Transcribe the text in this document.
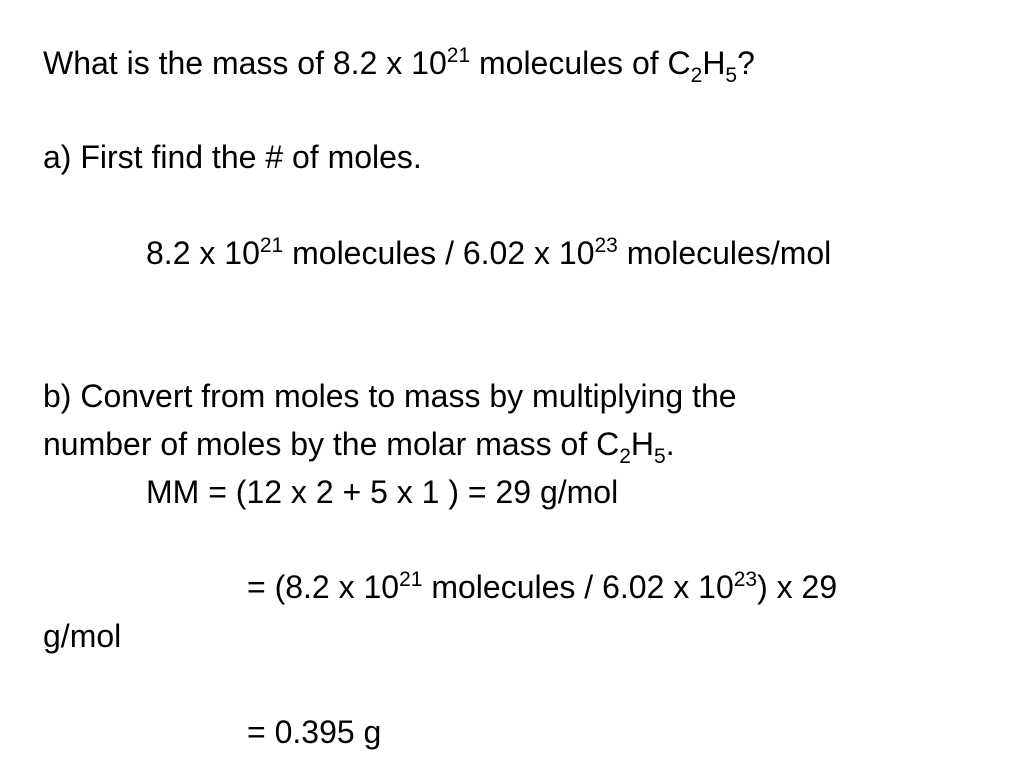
What is the mass of 8.2 x $10^{21}$ molecules of $C_2H_5$?
a) First find the # of moles.
8.2 x $10^{21}$ molecules / 6.02 x $10^{23}$ molecules/mol
b) Convert from moles to mass by multiplying the
number of moles by the molar mass of $C_2H_5$.
MM = (12 x 2 + 5 x 1 ) = 29 g/mol
= (8.2 x $10^{21}$ molecules / 6.02 x $10^{23}$) x 29
g/mol
= 0.395 g
